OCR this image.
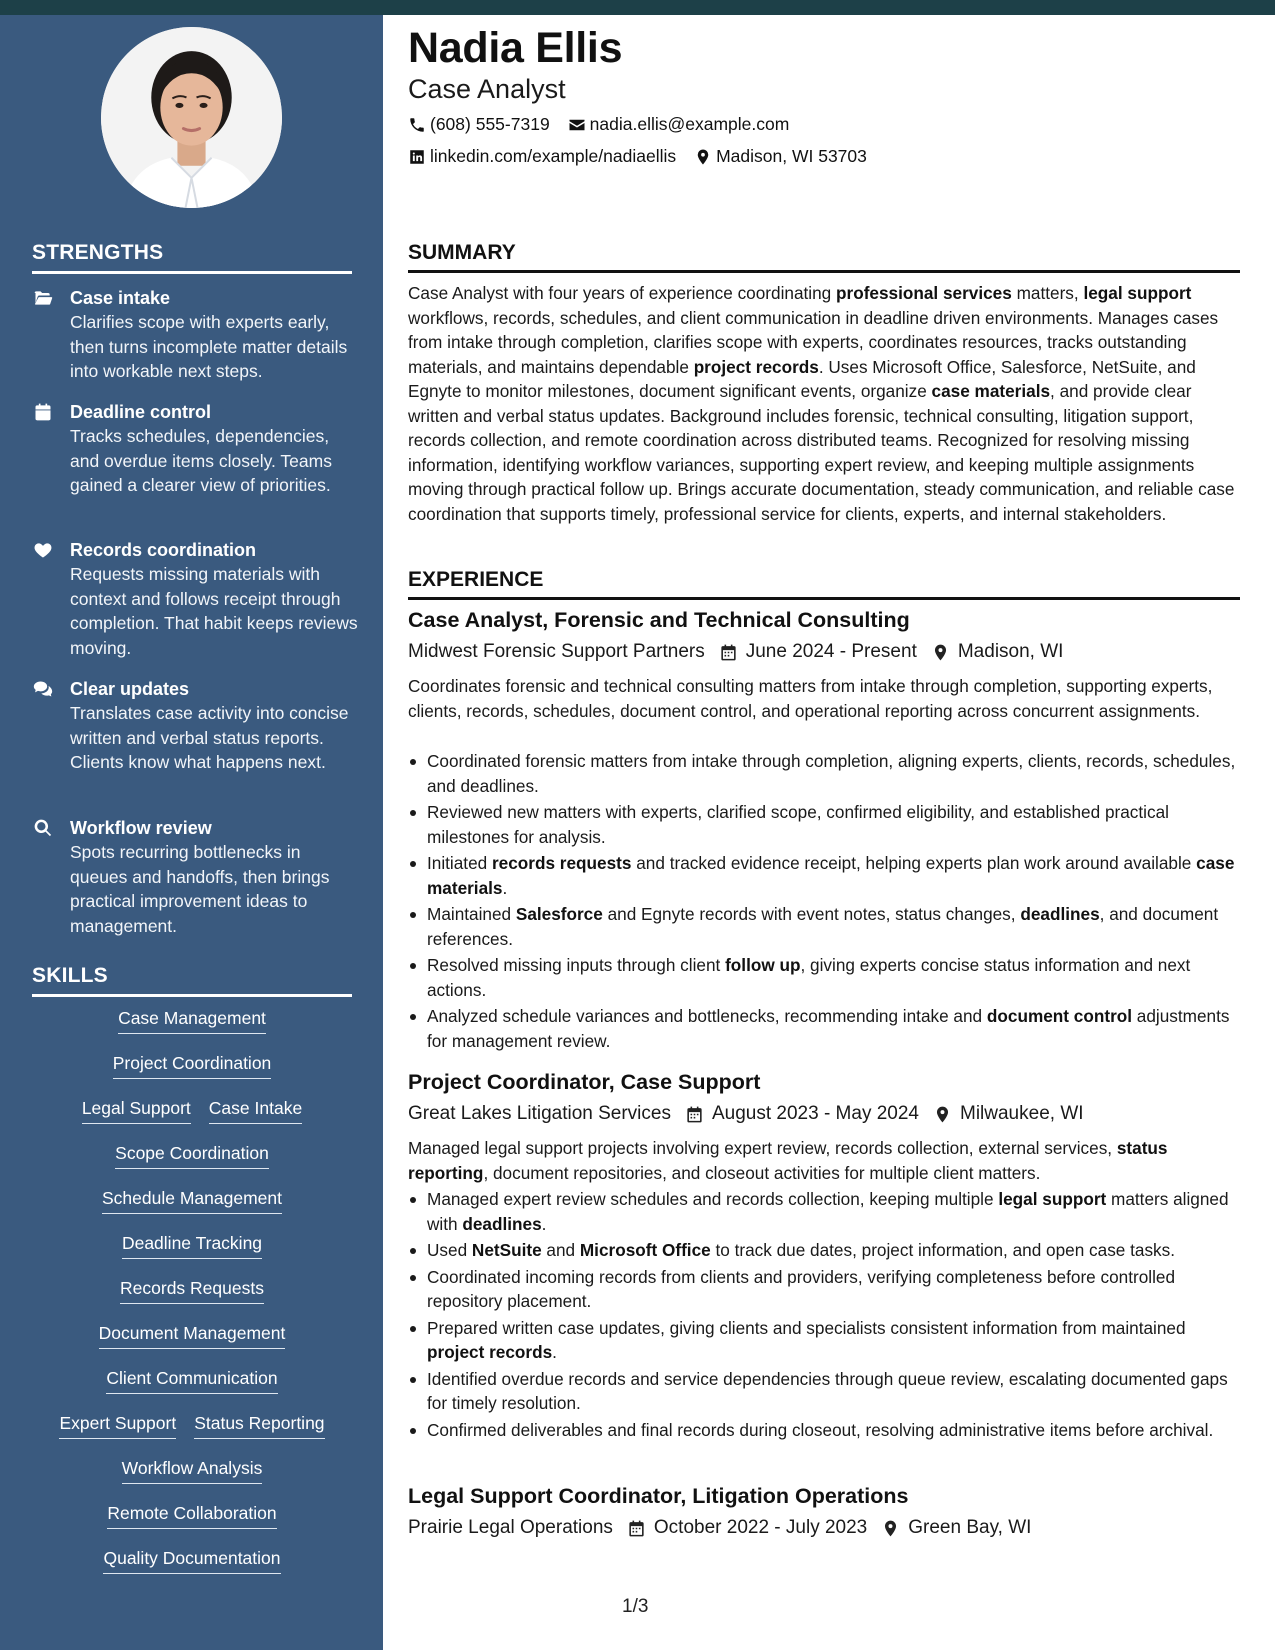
STRENGTHS
Case intake
Clarifies scope with experts early, then turns incomplete matter details into workable next steps.
Deadline control
Tracks schedules, dependencies, and overdue items closely. Teams gained a clearer view of priorities.
Records coordination
Requests missing materials with context and follows receipt through completion. That habit keeps reviews moving.
Clear updates
Translates case activity into concise written and verbal status reports. Clients know what happens next.
Workflow review
Spots recurring bottlenecks in queues and handoffs, then brings practical improvement ideas to management.
SKILLS
Case Management
Project Coordination
Legal Support Case Intake
Scope Coordination
Schedule Management
Deadline Tracking
Records Requests
Document Management
Client Communication
Expert Support Status Reporting
Workflow Analysis
Remote Collaboration
Quality Documentation
Nadia Ellis
Case Analyst
(608) 555-7319 nadia.ellis@example.com
linkedin.com/example/nadiaellis Madison, WI 53703
SUMMARY
Case Analyst with four years of experience coordinating professional services matters, legal support workflows, records, schedules, and client communication in deadline driven environments. Manages cases from intake through completion, clarifies scope with experts, coordinates resources, tracks outstanding materials, and maintains dependable project records. Uses Microsoft Office, Salesforce, NetSuite, and Egnyte to monitor milestones, document significant events, organize case materials, and provide clear written and verbal status updates. Background includes forensic, technical consulting, litigation support, records collection, and remote coordination across distributed teams. Recognized for resolving missing information, identifying workflow variances, supporting expert review, and keeping multiple assignments moving through practical follow up. Brings accurate documentation, steady communication, and reliable case coordination that supports timely, professional service for clients, experts, and internal stakeholders.
EXPERIENCE
Case Analyst, Forensic and Technical Consulting
Midwest Forensic Support Partners June 2024 - Present Madison, WI
Coordinates forensic and technical consulting matters from intake through completion, supporting experts, clients, records, schedules, document control, and operational reporting across concurrent assignments.
Coordinated forensic matters from intake through completion, aligning experts, clients, records, schedules, and deadlines.
Reviewed new matters with experts, clarified scope, confirmed eligibility, and established practical milestones for analysis.
Initiated records requests and tracked evidence receipt, helping experts plan work around available case materials.
Maintained Salesforce and Egnyte records with event notes, status changes, deadlines, and document references.
Resolved missing inputs through client follow up, giving experts concise status information and next actions.
Analyzed schedule variances and bottlenecks, recommending intake and document control adjustments for management review.
Project Coordinator, Case Support
Great Lakes Litigation Services August 2023 - May 2024 Milwaukee, WI
Managed legal support projects involving expert review, records collection, external services, status reporting, document repositories, and closeout activities for multiple client matters.
Managed expert review schedules and records collection, keeping multiple legal support matters aligned with deadlines.
Used NetSuite and Microsoft Office to track due dates, project information, and open case tasks.
Coordinated incoming records from clients and providers, verifying completeness before controlled repository placement.
Prepared written case updates, giving clients and specialists consistent information from maintained project records.
Identified overdue records and service dependencies through queue review, escalating documented gaps for timely resolution.
Confirmed deliverables and final records during closeout, resolving administrative items before archival.
Legal Support Coordinator, Litigation Operations
Prairie Legal Operations October 2022 - July 2023 Green Bay, WI
1/3
